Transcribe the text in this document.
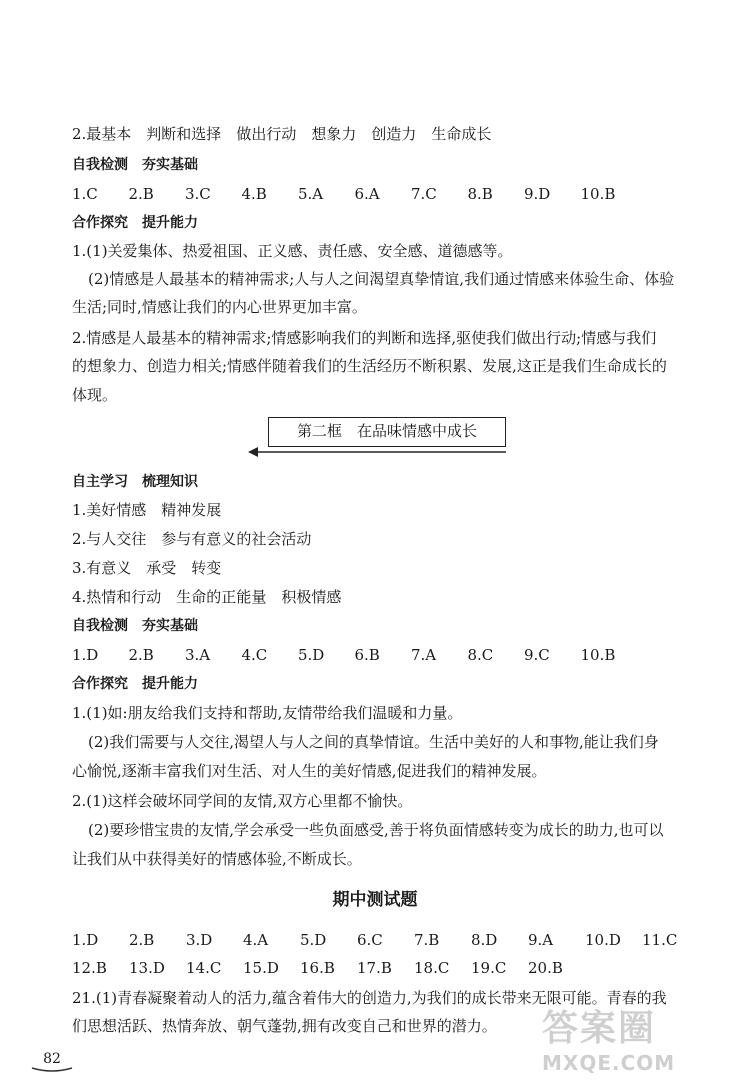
2.最基本　判断和选择　做出行动　想象力　创造力　生命成长
自我检测　夯实基础
1.C 2.B 3.C 4.B 5.A 6.A 7.C 8.B 9.D 10.B
合作探究　提升能力
1.(1)关爱集体、热爱祖国、正义感、责任感、安全感、道德感等。
(2)情感是人最基本的精神需求;人与人之间渴望真挚情谊,我们通过情感来体验生命、体验
生活;同时,情感让我们的内心世界更加丰富。
2.情感是人最基本的精神需求;情感影响我们的判断和选择,驱使我们做出行动;情感与我们
的想象力、创造力相关;情感伴随着我们的生活经历不断积累、发展,这正是我们生命成长的
体现。
第二框　在品味情感中成长
自主学习　梳理知识
1.美好情感　精神发展
2.与人交往　参与有意义的社会活动
3.有意义　承受　转变
4.热情和行动　生命的正能量　积极情感
自我检测　夯实基础
1.D 2.B 3.A 4.C 5.D 6.B 7.A 8.C 9.C 10.B
合作探究　提升能力
1.(1)如:朋友给我们支持和帮助,友情带给我们温暖和力量。
(2)我们需要与人交往,渴望人与人之间的真挚情谊。生活中美好的人和事物,能让我们身
心愉悦,逐渐丰富我们对生活、对人生的美好情感,促进我们的精神发展。
2.(1)这样会破坏同学间的友情,双方心里都不愉快。
(2)要珍惜宝贵的友情,学会承受一些负面感受,善于将负面情感转变为成长的助力,也可以
让我们从中获得美好的情感体验,不断成长。
期中测试题
1.D 2.B 3.D 4.A 5.D 6.C 7.B 8.D 9.A 10.D 11.C
12.B 13.D 14.C 15.D 16.B 17.B 18.C 19.C 20.B
21.(1)青春凝聚着动人的活力,蕴含着伟大的创造力,为我们的成长带来无限可能。青春的我
们思想活跃、热情奔放、朝气蓬勃,拥有改变自己和世界的潜力。
82
答案圈
MXQE.COM
